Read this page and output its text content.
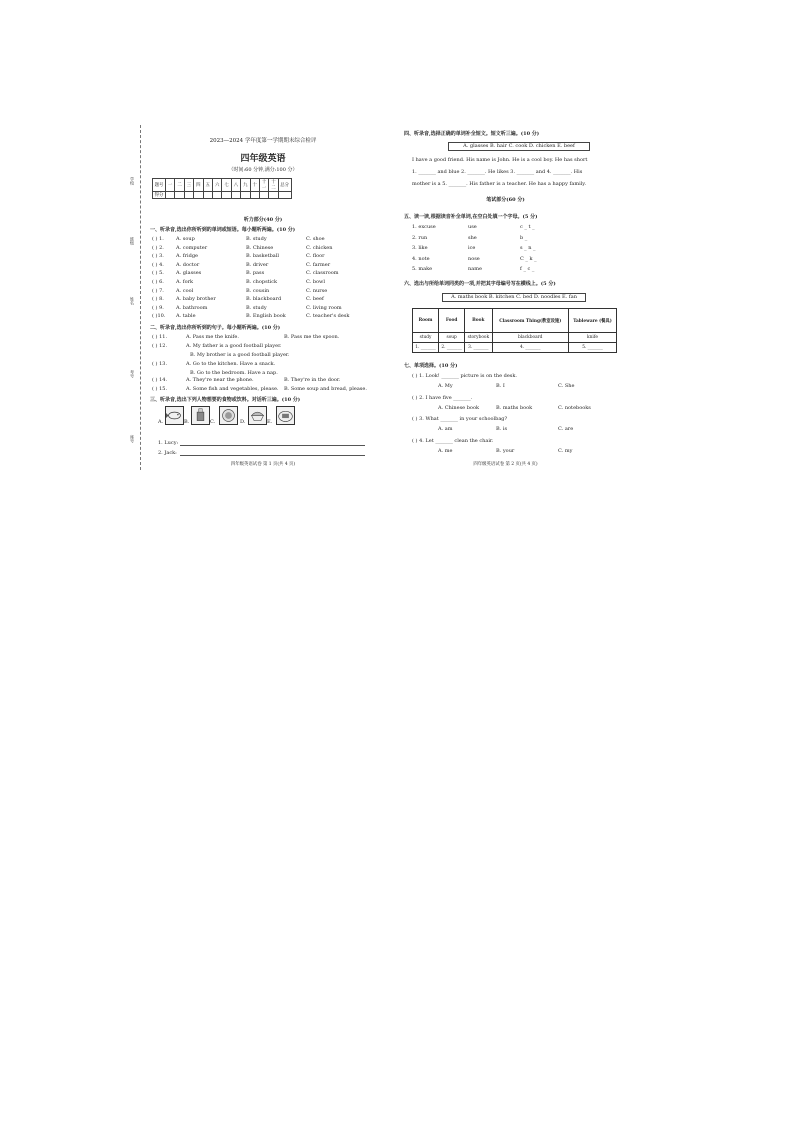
学校
班级
姓名
考号
座号
2023—2024 学年度第一学期期末综合检评
四年级英语
（时间:60 分钟,满分:100 分）
题号	一	二	三	四	五	六	七	八	九	十	十一	十二	总分
得分													
听力部分(40 分)
一、听录音,选出你所听到的单词或短语。每小题听两遍。(10 分)
二、听录音,选出你所听到的句子。每小题听两遍。(10 分)
三、听录音,选出下列人物想要的食物或饮料。对话听三遍。(10 分)
A.	B.	C.	D.	E.
1. Lucy:
2. Jack:
四年级英语试卷 第 1 页(共 4 页)
( ) 1. A. soup	B. study	C. shoe
( ) 2. A. computer	B. Chinese	C. chicken
( ) 3. A. fridge	B. basketball	C. floor
( ) 4. A. doctor	B. driver	C. farmer
( ) 5. A. glasses	B. pass	C. classroom
( ) 6. A. fork	B. chopstick	C. bowl
( ) 7. A. cool	B. cousin	C. nurse
( ) 8. A. baby brother	B. blackboard	C. beef
( ) 9. A. bathroom	B. study	C. living room
( )10. A. table	B. English book	C. teacher's desk
( ) 11.	A. Pass me the knife.	B. Pass me the spoon.
( ) 12.	A. My father is a good football player.
B. My brother is a good football player.
( ) 13.	A. Go to the kitchen. Have a snack.
B. Go to the bedroom. Have a nap.
( ) 14.	A. They're near the phone.	B. They're in the door.
( ) 15.	A. Some fish and vegetables, please. B. Some soup and bread, please.
四、听录音,选择正确的单词补全短文。短文听三遍。(10 分)
A. glasses B. hair C. cook D. chicken E. beef
I have a good friend. His name is John. He is a cool boy. He has short
1. _______ and blue 2. _______. He likes 3. _______ and 4. _______. His
mother is a 5. _______. His father is a teacher. He has a happy family.
笔试部分(60 分)
五、读一读,根据读音补全单词,在空白处填一个字母。(5 分)
六、选出与所给单词同类的一项,并把其字母编号写在横线上。(5 分)
A. maths book B. kitchen C. bed D. noodles E. fan
Room	Food	Book	Classroom Thing(教室设施)	Tableware (餐具)
study	soup	storybook	blackboard	knife
1. _______	2. _______	3. _______	4. _______	5. _______
七、单项选择。(10 分)
四年级英语试卷 第 2 页(共 4 页)
1. excuse	use	c _ t _
2. run	she	b _
3. like	ice	s _ n _
4. note	nose	C _ k _
5. make	name	f _ c _
( ) 1. Look! _______ picture is on the desk.
A. My	B. I	C. She
( ) 2. I have five _______.
A. Chinese book	B. maths book	C. notebooks
( ) 3. What _______ in your schoolbag?
A. am	B. is	C. are
( ) 4. Let _______ clean the chair.
A. me	B. your	C. my
